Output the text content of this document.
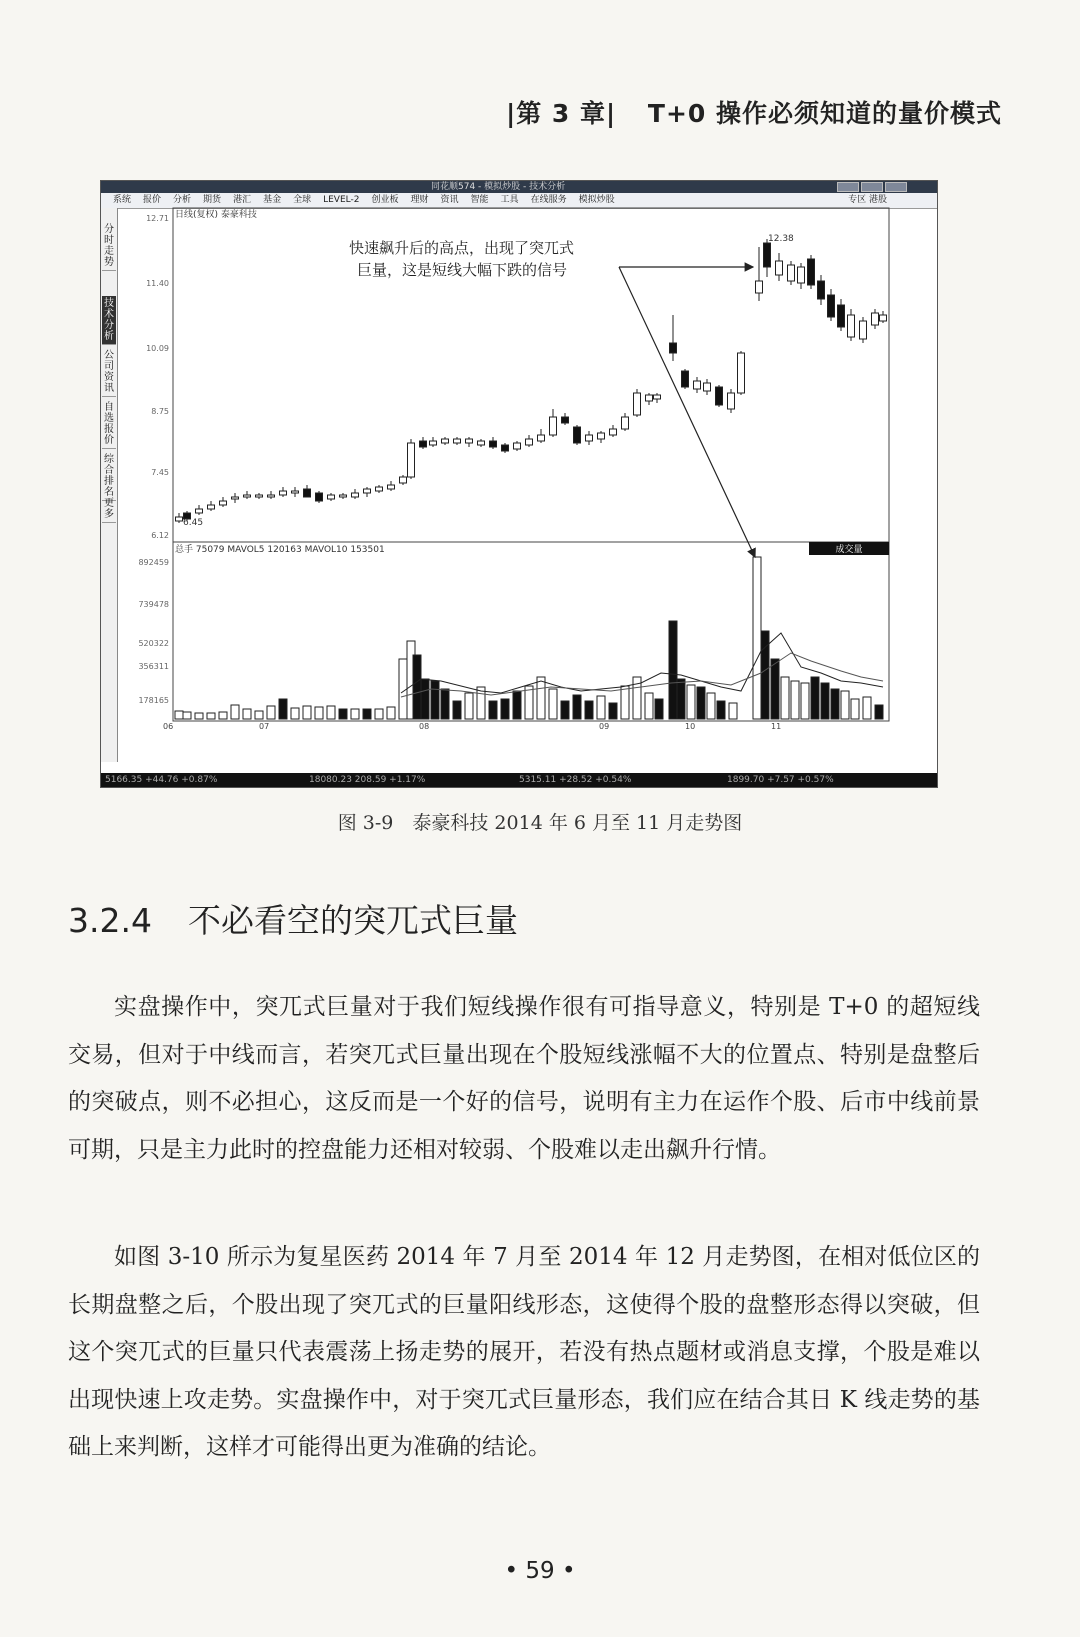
|第 3 章| T+0 操作必须知道的量价模式
同花顺574 - 模拟炒股 - 技术分析
系统 报价 分析 期货 港汇 基金 全球 LEVEL-2 创业板 理财 资讯 智能 工具 在线服务 模拟炒股	专区 港股
分
时
走
势
技
术
分
析
公
司
资
讯
自
选
报
价
综
合
排
名
更
多
成交量
日线(复权) 泰豪科技
总手 75079 MAVOL5 120163 MAVOL10 153501
12.71
11.40
10.09
8.75
7.45
6.12
892459
739478
520322
356311
178165
06	07	08	09	10	11
12.38
6.45
快速飙升后的高点，出现了突兀式
巨量，这是短线大幅下跌的信号
5166.35 +44.76 +0.87%	18080.23 208.59 +1.17%	5315.11 +28.52 +0.54%	1899.70 +7.57 +0.57%
图 3-9　泰豪科技 2014 年 6 月至 11 月走势图
3.2.4 不必看空的突兀式巨量

实盘操作中，突兀式巨量对于我们短线操作很有可指导意义，特别是 T+0 的超短线交易，但对于中线而言，若突兀式巨量出现在个股短线涨幅不大的位置点、特别是盘整后的突破点，则不必担心，这反而是一个好的信号，说明有主力在运作个股、后市中线前景可期，只是主力此时的控盘能力还相对较弱、个股难以走出飙升行情。

如图 3-10 所示为复星医药 2014 年 7 月至 2014 年 12 月走势图，在相对低位区的长期盘整之后，个股出现了突兀式的巨量阳线形态，这使得个股的盘整形态得以突破，但这个突兀式的巨量只代表震荡上扬走势的展开，若没有热点题材或消息支撑，个股是难以出现快速上攻走势。实盘操作中，对于突兀式巨量形态，我们应在结合其日 K 线走势的基础上来判断，这样才可能得出更为准确的结论。

• 59 •
